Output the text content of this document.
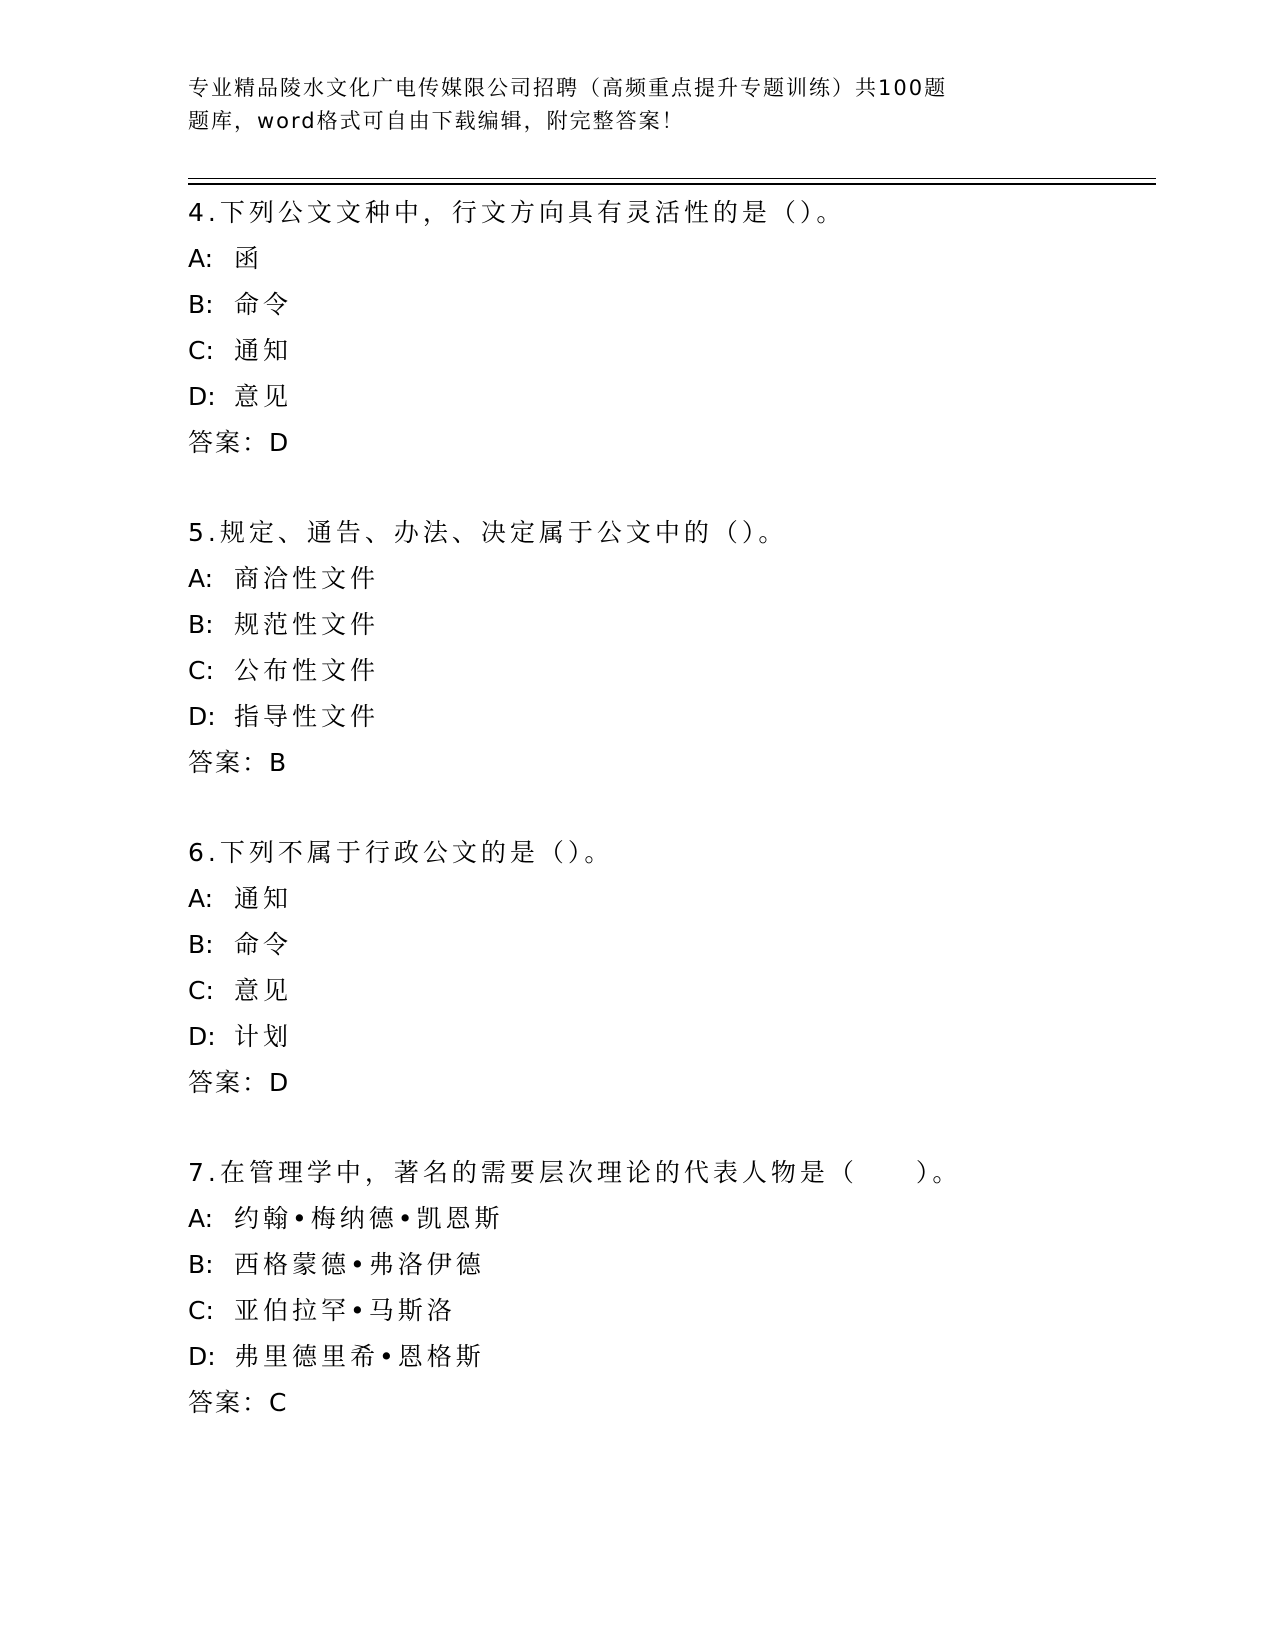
专业精品陵水文化广电传媒限公司招聘（高频重点提升专题训练）共100题
题库，word格式可自由下载编辑，附完整答案！
4.下列公文文种中，行文方向具有灵活性的是（）。
A: 函
B: 命令
C: 通知
D: 意见
答案：D
5.规定、通告、办法、决定属于公文中的（）。
A: 商洽性文件
B: 规范性文件
C: 公布性文件
D: 指导性文件
答案：B
6.下列不属于行政公文的是（）。
A: 通知
B: 命令
C: 意见
D: 计划
答案：D
7.在管理学中，著名的需要层次理论的代表人物是（　　）。
A: 约翰•梅纳德•凯恩斯
B: 西格蒙德•弗洛伊德
C: 亚伯拉罕•马斯洛
D: 弗里德里希•恩格斯
答案：C
